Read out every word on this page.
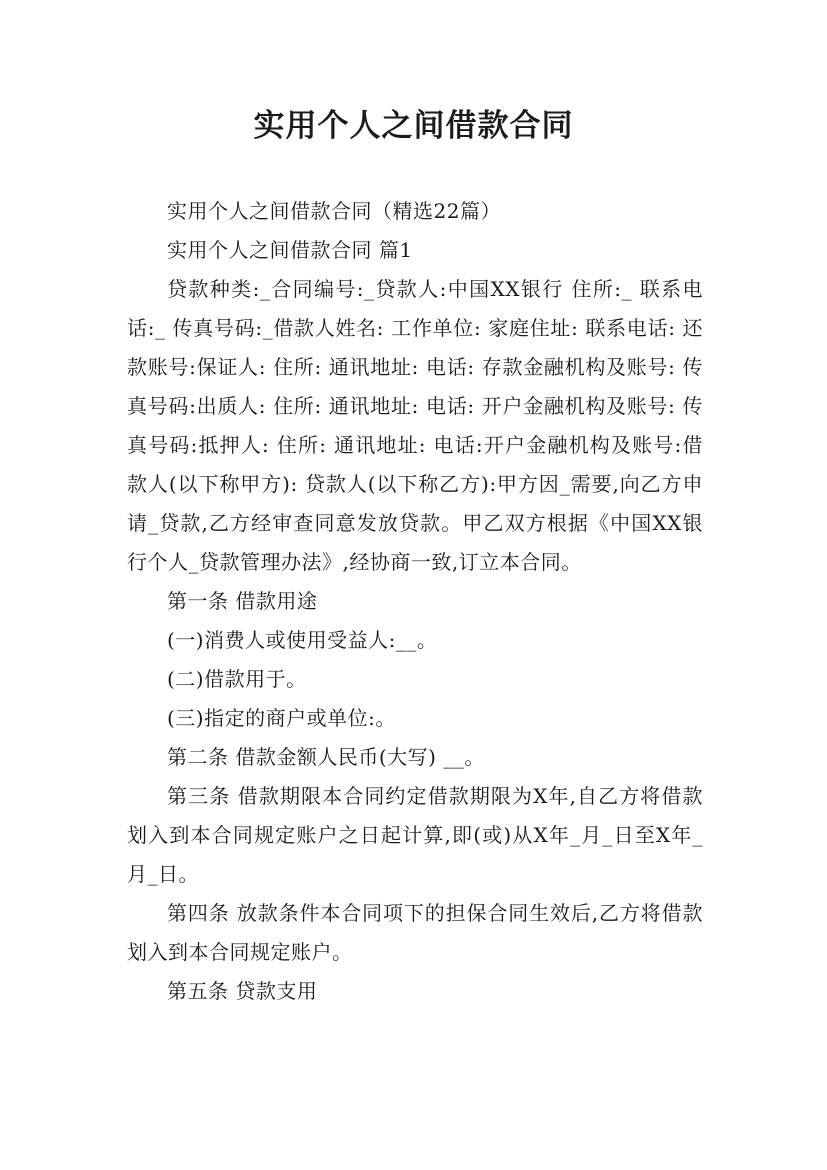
实用个人之间借款合同

实用个人之间借款合同（精选22篇）

实用个人之间借款合同 篇1

贷款种类:_合同编号:_贷款人:中国XX银行 住所:_ 联系电话:_ 传真号码:_借款人姓名: 工作单位: 家庭住址: 联系电话: 还款账号:保证人: 住所: 通讯地址: 电话: 存款金融机构及账号: 传真号码:出质人: 住所: 通讯地址: 电话: 开户金融机构及账号: 传真号码:抵押人: 住所: 通讯地址: 电话:开户金融机构及账号:借款人(以下称甲方): 贷款人(以下称乙方):甲方因_需要,向乙方申请_贷款,乙方经审查同意发放贷款。甲乙双方根据《中国XX银行个人_贷款管理办法》,经协商一致,订立本合同。

第一条 借款用途

(一)消费人或使用受益人:__。

(二)借款用于。

(三)指定的商户或单位:。

第二条 借款金额人民币(大写) __。

第三条 借款期限本合同约定借款期限为X年,自乙方将借款划入到本合同规定账户之日起计算,即(或)从X年_月_日至X年_月_日。

第四条 放款条件本合同项下的担保合同生效后,乙方将借款划入到本合同规定账户。

第五条 贷款支用
